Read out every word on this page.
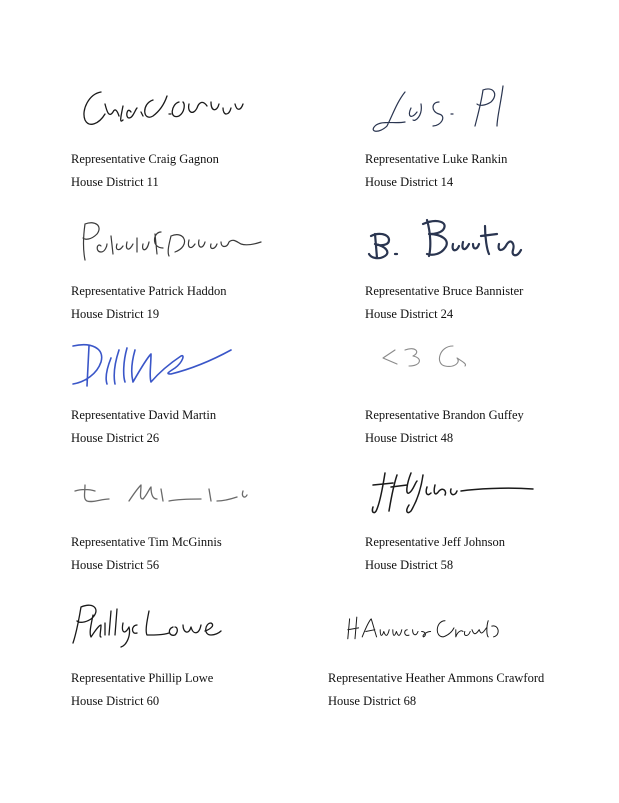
Representative Craig Gagnon
House District 11
Representative Luke Rankin
House District 14
Representative Patrick Haddon
House District 19
Representative Bruce Bannister
House District 24
Representative David Martin
House District 26
Representative Brandon Guffey
House District 48
Representative Tim McGinnis
House District 56
Representative Jeff Johnson
House District 58
Representative Phillip Lowe
House District 60
Representative Heather Ammons Crawford
House District 68
